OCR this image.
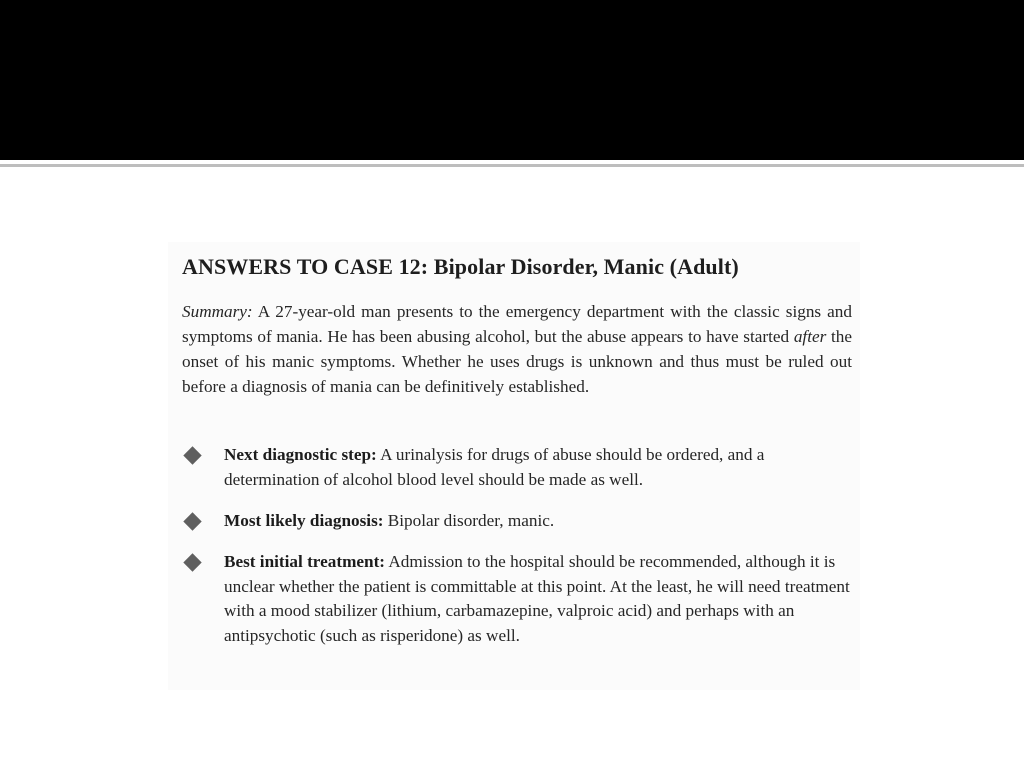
ANSWERS TO CASE 12: Bipolar Disorder, Manic (Adult)

Summary: A 27-year-old man presents to the emergency department with the classic signs and symptoms of mania. He has been abusing alcohol, but the abuse appears to have started after the onset of his manic symptoms. Whether he uses drugs is unknown and thus must be ruled out before a diagnosis of mania can be definitively established.

Next diagnostic step: A urinalysis for drugs of abuse should be ordered, and a determination of alcohol blood level should be made as well.

Most likely diagnosis: Bipolar disorder, manic.

Best initial treatment: Admission to the hospital should be recommended, although it is unclear whether the patient is committable at this point. At the least, he will need treatment with a mood stabilizer (lithium, carbamazepine, valproic acid) and perhaps with an antipsychotic (such as risperidone) as well.
